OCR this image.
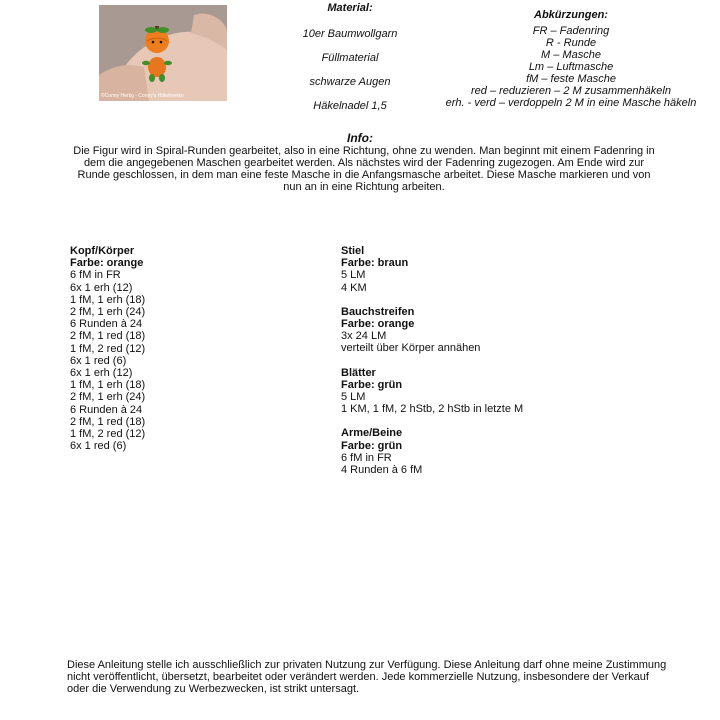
©Conny Hertig - Conny's Häkelwerke
Material:
10er Baumwollgarn
Füllmaterial
schwarze Augen
Häkelnadel 1,5
Abkürzungen:
FR – Fadenring
R - Runde
M – Masche
Lm – Luftmasche
fM – feste Masche
red – reduzieren – 2 M zusammenhäkeln
erh. - verd – verdoppeln 2 M in eine Masche häkeln
Info:
Die Figur wird in Spiral-Runden gearbeitet, also in eine Richtung, ohne zu wenden. Man beginnt mit einem Fadenring in dem die angegebenen Maschen gearbeitet werden. Als nächstes wird der Fadenring zugezogen. Am Ende wird zur Runde geschlossen, in dem man eine feste Masche in die Anfangsmasche arbeitet. Diese Masche markieren und von nun an in eine Richtung arbeiten.
Kopf/Körper
Farbe: orange
6 fM in FR
6x 1 erh (12)
1 fM, 1 erh (18)
2 fM, 1 erh (24)
6 Runden à 24
2 fM, 1 red (18)
1 fM, 2 red (12)
6x 1 red (6)
6x 1 erh (12)
1 fM, 1 erh (18)
2 fM, 1 erh (24)
6 Runden à 24
2 fM, 1 red (18)
1 fM, 2 red (12)
6x 1 red (6)
Stiel
Farbe: braun
5 LM
4 KM
Bauchstreifen
Farbe: orange
3x 24 LM
verteilt über Körper annähen
Blätter
Farbe: grün
5 LM
1 KM, 1 fM, 2 hStb, 2 hStb in letzte M
Arme/Beine
Farbe: grün
6 fM in FR
4 Runden à 6 fM
Diese Anleitung stelle ich ausschließlich zur privaten Nutzung zur Verfügung. Diese Anleitung darf ohne meine Zustimmung nicht veröffentlicht, übersetzt, bearbeitet oder verändert werden. Jede kommerzielle Nutzung, insbesondere der Verkauf oder die Verwendung zu Werbezwecken, ist strikt untersagt.
